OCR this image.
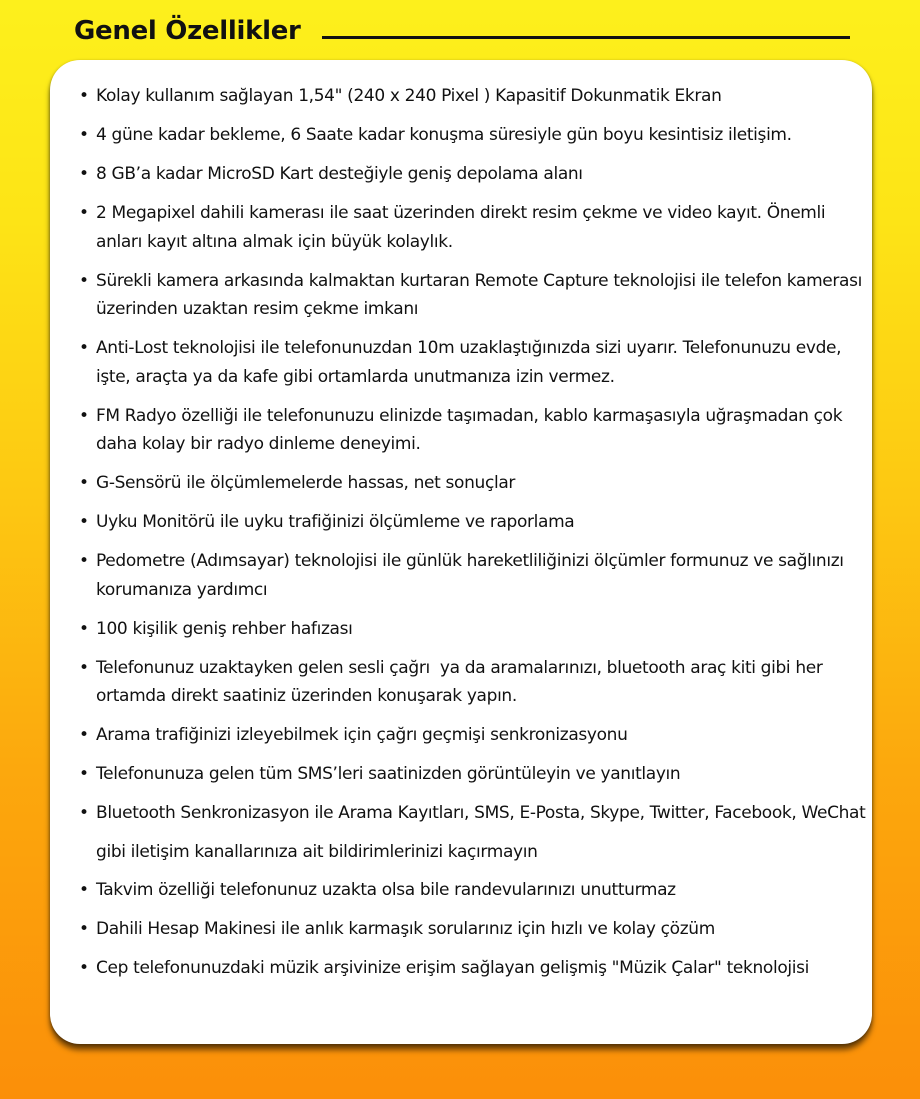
Genel Özellikler
• Kolay kullanım sağlayan 1,54" (240 x 240 Pixel ) Kapasitif Dokunmatik Ekran
• 4 güne kadar bekleme, 6 Saate kadar konuşma süresiyle gün boyu kesintisiz iletişim.
• 8 GB’a kadar MicroSD Kart desteğiyle geniş depolama alanı
• 2 Megapixel dahili kamerası ile saat üzerinden direkt resim çekme ve video kayıt. Önemli anları kayıt altına almak için büyük kolaylık.
• Sürekli kamera arkasında kalmaktan kurtaran Remote Capture teknolojisi ile telefon kamerası üzerinden uzaktan resim çekme imkanı
• Anti-Lost teknolojisi ile telefonunuzdan 10m uzaklaştığınızda sizi uyarır. Telefonunuzu evde, işte, araçta ya da kafe gibi ortamlarda unutmanıza izin vermez.
• FM Radyo özelliği ile telefonunuzu elinizde taşımadan, kablo karmaşasıyla uğraşmadan çok daha kolay bir radyo dinleme deneyimi.
• G-Sensörü ile ölçümlemelerde hassas, net sonuçlar
• Uyku Monitörü ile uyku trafiğinizi ölçümleme ve raporlama
• Pedometre (Adımsayar) teknolojisi ile günlük hareketliliğinizi ölçümler formunuz ve sağlınızı korumanıza yardımcı
• 100 kişilik geniş rehber hafızası
• Telefonunuz uzaktayken gelen sesli çağrı  ya da aramalarınızı, bluetooth araç kiti gibi her ortamda direkt saatiniz üzerinden konuşarak yapın.
• Arama trafiğinizi izleyebilmek için çağrı geçmişi senkronizasyonu
• Telefonunuza gelen tüm SMS’leri saatinizden görüntüleyin ve yanıtlayın
• Bluetooth Senkronizasyon ile Arama Kayıtları, SMS, E-Posta, Skype, Twitter, Facebook, WeChat gibi iletişim kanallarınıza ait bildirimlerinizi kaçırmayın
• Takvim özelliği telefonunuz uzakta olsa bile randevularınızı unutturmaz
• Dahili Hesap Makinesi ile anlık karmaşık sorularınız için hızlı ve kolay çözüm
• Cep telefonunuzdaki müzik arşivinize erişim sağlayan gelişmiş "Müzik Çalar" teknolojisi
